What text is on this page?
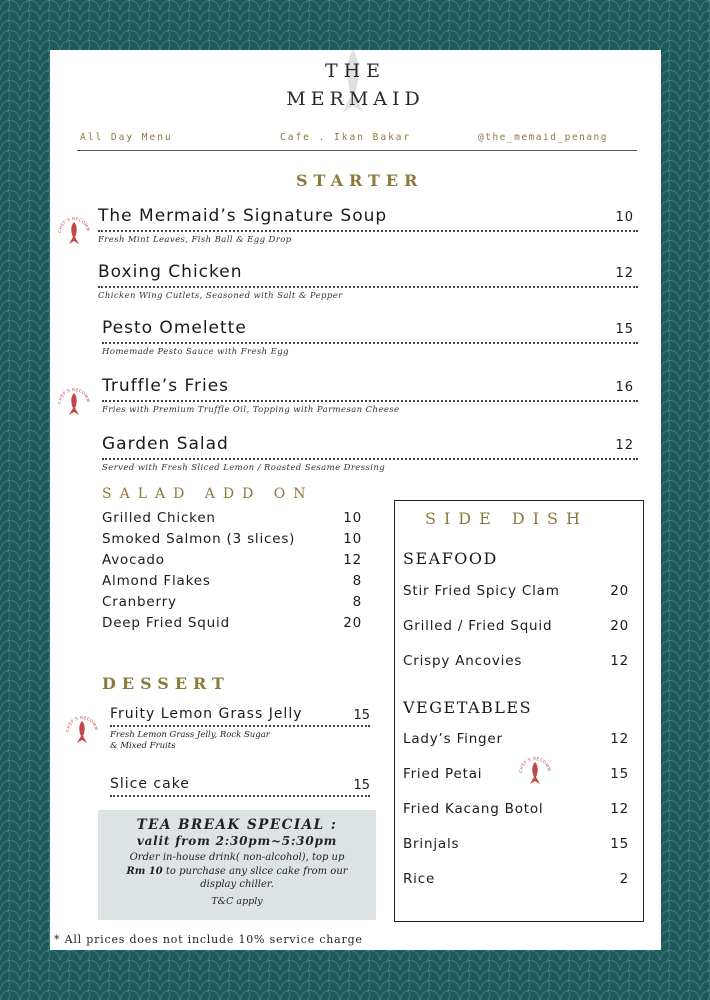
THE
MERMAID
All Day Menu	Cafe . Ikan Bakar	@the_memaid_penang
STARTER
CHEF'S RECOMM
The Mermaid’s Signature Soup	10
Fresh Mint Leaves, Fish Ball & Egg Drop
Boxing Chicken	12
Chicken Wing Cutlets, Seasoned with Salt & Pepper
Pesto Omelette	15
Homemade Pesto Sauce with Fresh Egg
CHEF'S RECOMM
Truffle’s Fries	16
Fries with Premium Truffle Oil, Topping with Parmesan Cheese
Garden Salad	12
Served with Fresh Sliced Lemon / Roasted Sesame Dressing
SALAD ADD ON
Grilled Chicken	10
Smoked Salmon (3 slices)	10
Avocado	12
Almond Flakes	8
Cranberry	8
Deep Fried Squid	20
SIDE DISH
SEAFOOD
Stir Fried Spicy Clam	20
Grilled / Fried Squid	20
Crispy Ancovies	12
VEGETABLES
Lady’s Finger	12
Fried Petai	15
Fried Kacang Botol	12
Brinjals	15
Rice	2
CHEF'S RECOMM
DESSERT
CHEF'S RECOMM
Fruity Lemon Grass Jelly	15
Fresh Lemon Grass Jelly, Rock Sugar
& Mixed Fruits
Slice cake	15
TEA BREAK SPECIAL :
valit from 2:30pm~5:30pm
Order in-house drink( non-alcohol), top up
Rm 10 to purchase any slice cake from our
display chiller.
T&C apply
* All prices does not include 10% service charge
